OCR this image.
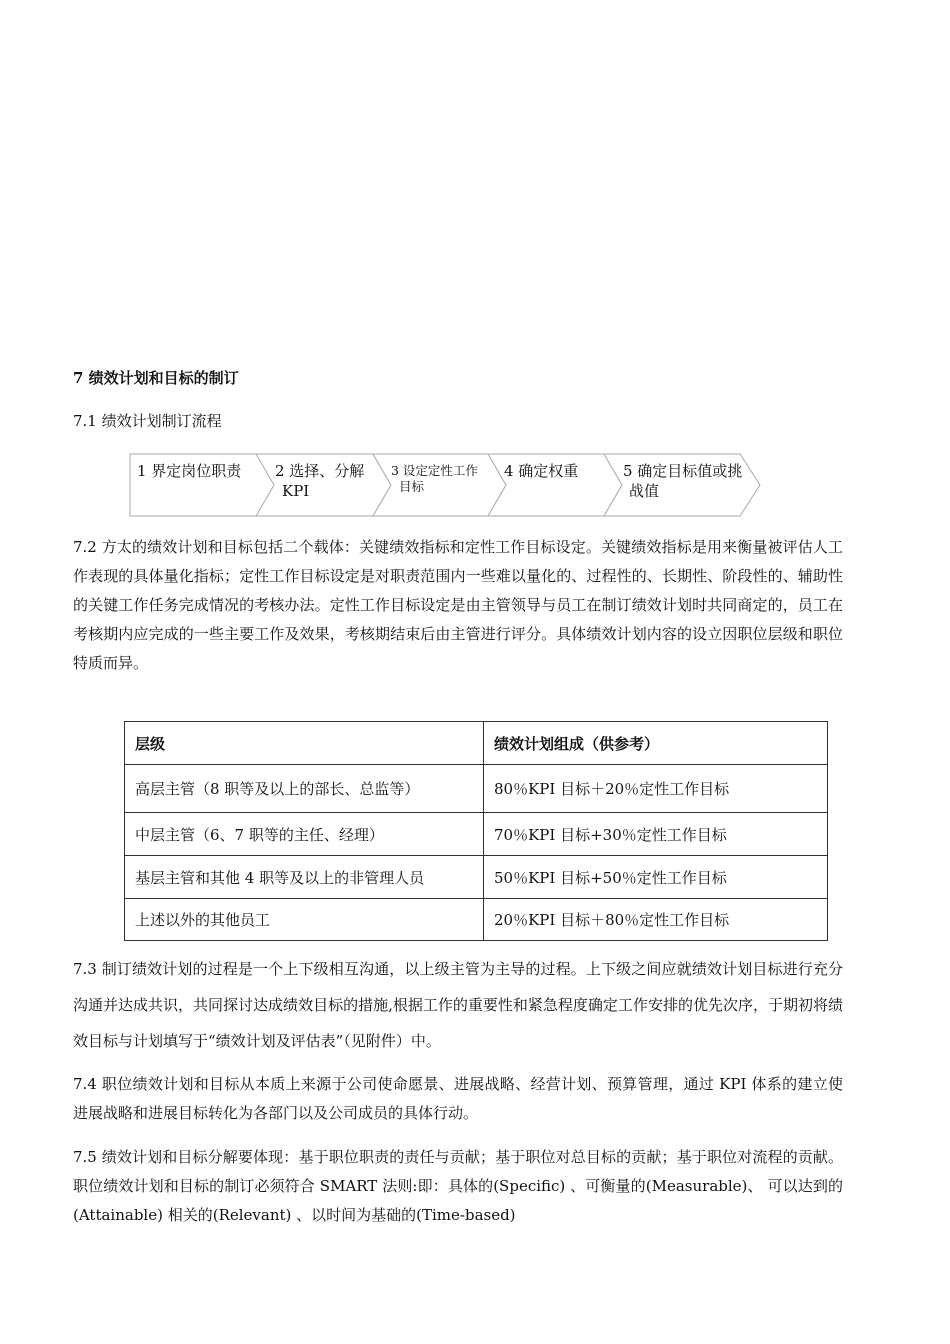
7 绩效计划和目标的制订
7.1 绩效计划制订流程
1 界定岗位职责 2 选择、分解
KPI
3 设定定性工作
目标
4 确定权重	5 确定目标值或挑
战值
7.2 方太的绩效计划和目标包括二个载体：关键绩效指标和定性工作目标设定。关键绩效指标是用来衡量被评估人工作表现的具体量化指标；定性工作目标设定是对职责范围内一些难以量化的、过程性的、长期性、阶段性的、辅助性的关键工作任务完成情况的考核办法。定性工作目标设定是由主管领导与员工在制订绩效计划时共同商定的，员工在考核期内应完成的一些主要工作及效果，考核期结束后由主管进行评分。具体绩效计划内容的设立因职位层级和职位特质而异。
层级	绩效计划组成（供参考）
高层主管（8 职等及以上的部长、总监等）	80％KPI 目标＋20％定性工作目标
中层主管（6、7 职等的主任、经理）	70％KPI 目标+30％定性工作目标
基层主管和其他 4 职等及以上的非管理人员	50％KPI 目标+50％定性工作目标
上述以外的其他员工	20％KPI 目标＋80％定性工作目标
7.3 制订绩效计划的过程是一个上下级相互沟通，以上级主管为主导的过程。上下级之间应就绩效计划目标进行充分沟通并达成共识，共同探讨达成绩效目标的措施,根据工作的重要性和紧急程度确定工作安排的优先次序，于期初将绩效目标与计划填写于“绩效计划及评估表”（见附件）中。
7.4 职位绩效计划和目标从本质上来源于公司使命愿景、进展战略、经营计划、预算管理，通过 KPI 体系的建立使进展战略和进展目标转化为各部门以及公司成员的具体行动。
7.5 绩效计划和目标分解要体现：基于职位职责的责任与贡献；基于职位对总目标的贡献；基于职位对流程的贡献。职位绩效计划和目标的制订必须符合 SMART 法则:即：具体的(Specific) 、可衡量的(Measurable)、 可以达到的(Attainable) 相关的(Relevant) 、以时间为基础的(Time-based)
